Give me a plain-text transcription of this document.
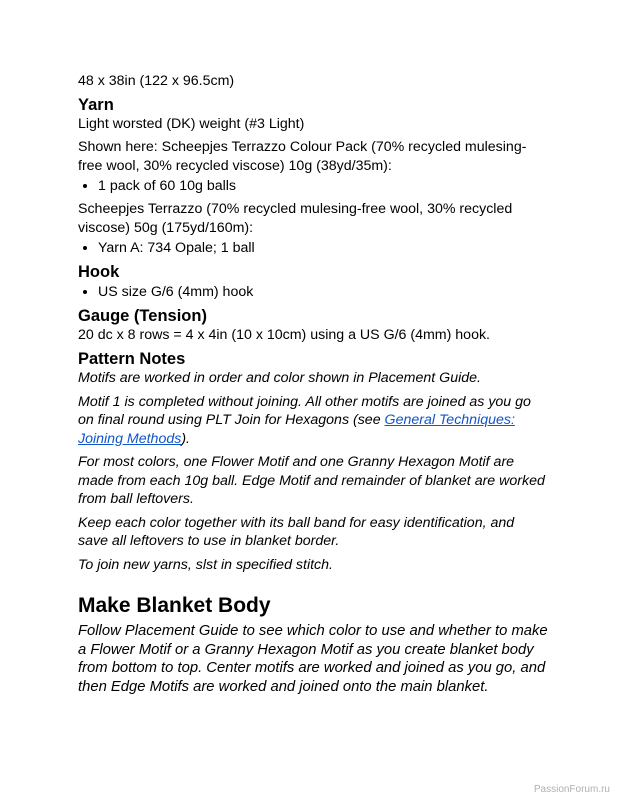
48 x 38in (122 x 96.5cm)

Yarn

Light worsted (DK) weight (#3 Light)

Shown here: Scheepjes Terrazzo Colour Pack (70% recycled mulesing-free wool, 30% recycled viscose) 10g (38yd/35m):

• 1 pack of 60 10g balls

Scheepjes Terrazzo (70% recycled mulesing-free wool, 30% recycled viscose) 50g (175yd/160m):

• Yarn A: 734 Opale; 1 ball

Hook

• US size G/6 (4mm) hook

Gauge (Tension)

20 dc x 8 rows = 4 x 4in (10 x 10cm) using a US G/6 (4mm) hook.

Pattern Notes

Motifs are worked in order and color shown in Placement Guide.

Motif 1 is completed without joining. All other motifs are joined as you go on final round using PLT Join for Hexagons (see General Techniques: Joining Methods).

For most colors, one Flower Motif and one Granny Hexagon Motif are made from each 10g ball. Edge Motif and remainder of blanket are worked from ball leftovers.

Keep each color together with its ball band for easy identification, and save all leftovers to use in blanket border.

To join new yarns, slst in specified stitch.

Make Blanket Body

Follow Placement Guide to see which color to use and whether to make a Flower Motif or a Granny Hexagon Motif as you create blanket body from bottom to top. Center motifs are worked and joined as you go, and then Edge Motifs are worked and joined onto the main blanket.

PassionForum.ru
